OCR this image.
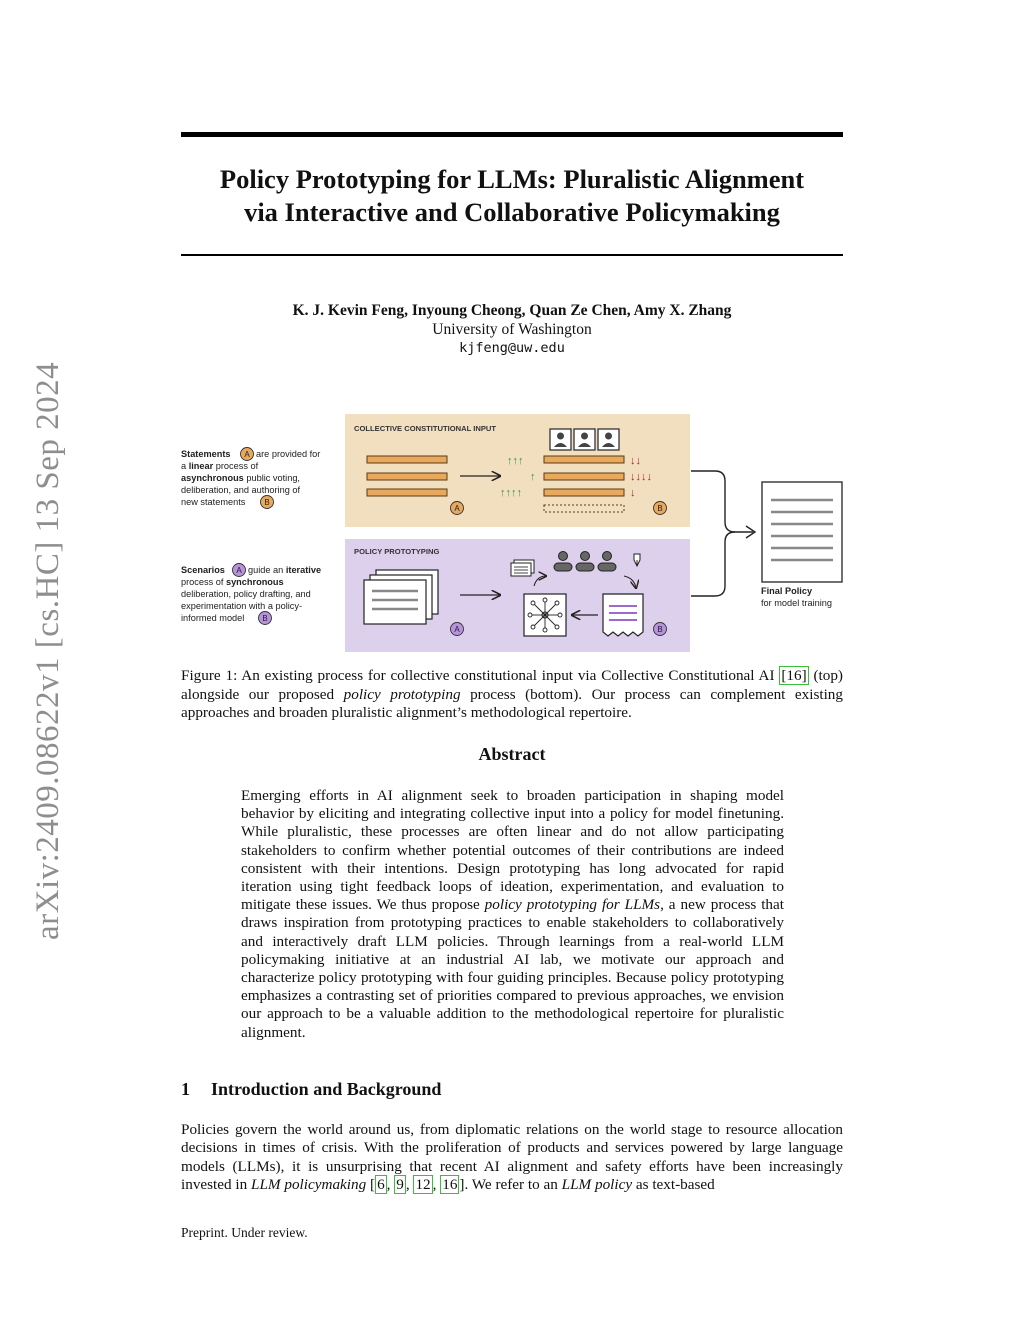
arXiv:2409.08622v1 [cs.HC] 13 Sep 2024
Policy Prototyping for LLMs: Pluralistic Alignment
via Interactive and Collaborative Policymaking
K. J. Kevin Feng, Inyoung Cheong, Quan Ze Chen, Amy X. Zhang
University of Washington
kjfeng@uw.edu
COLLECTIVE CONSTITUTIONAL INPUT
↑↑↑
↑
↑↑↑↑
↓↓
↓↓↓↓
↓
A	B
Statements A are provided for
a linear process of
asynchronous public voting,
deliberation, and authoring of
new statements B
POLICY PROTOTYPING
A	B
Scenarios A guide an iterative
process of synchronous
deliberation, policy drafting, and
experimentation with a policy-
informed model B
Final Policy
for model training
Figure 1: An existing process for collective constitutional input via Collective Constitutional AI [16] (top) alongside our proposed policy prototyping process (bottom). Our process can complement existing approaches and broaden pluralistic alignment’s methodological repertoire.
Abstract
Emerging efforts in AI alignment seek to broaden participation in shaping model behavior by eliciting and integrating collective input into a policy for model finetuning. While pluralistic, these processes are often linear and do not allow participating stakeholders to confirm whether potential outcomes of their contributions are indeed consistent with their intentions. Design prototyping has long advocated for rapid iteration using tight feedback loops of ideation, experimentation, and evaluation to mitigate these issues. We thus propose policy prototyping for LLMs, a new process that draws inspiration from prototyping practices to enable stakeholders to collaboratively and interactively draft LLM policies. Through learnings from a real-world LLM policymaking initiative at an industrial AI lab, we motivate our approach and characterize policy prototyping with four guiding principles. Because policy prototyping emphasizes a contrasting set of priorities compared to previous approaches, we envision our approach to be a valuable addition to the methodological repertoire for pluralistic alignment.
1 Introduction and Background
Policies govern the world around us, from diplomatic relations on the world stage to resource allocation decisions in times of crisis. With the proliferation of products and services powered by large language models (LLMs), it is unsurprising that recent AI alignment and safety efforts have been increasingly invested in LLM policymaking [ 6 , 9 , 12 , 16 ]. We refer to an LLM policy as text-based
Preprint. Under review.
